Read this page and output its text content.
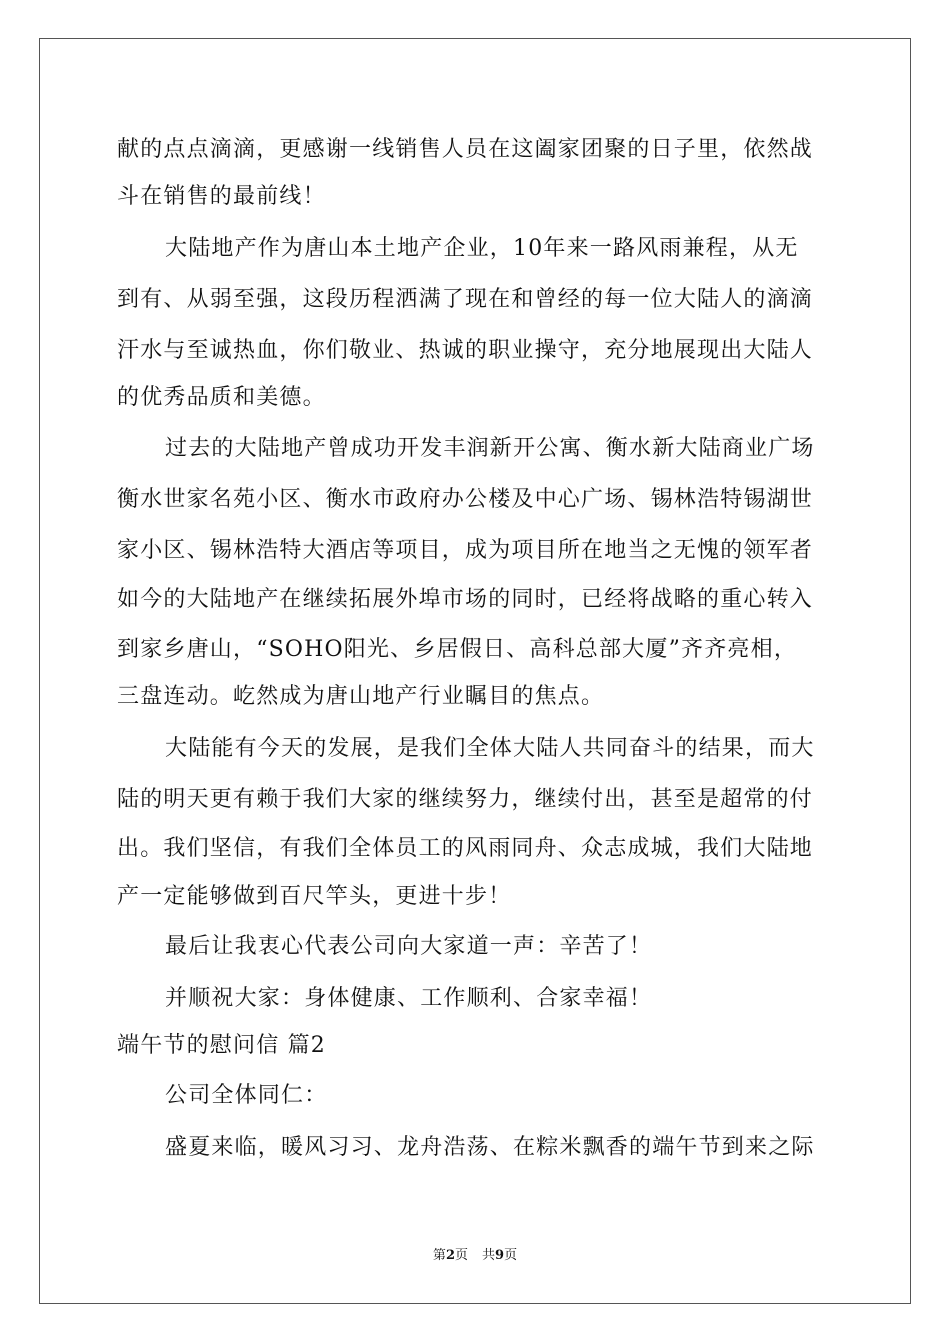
献的点点滴滴，更感谢一线销售人员在这阖家团聚的日子里，依然战

斗在销售的最前线！

大陆地产作为唐山本土地产企业，10年来一路风雨兼程，从无

到有、从弱至强，这段历程洒满了现在和曾经的每一位大陆人的滴滴

汗水与至诚热血，你们敬业、热诚的职业操守，充分地展现出大陆人

的优秀品质和美德。

过去的大陆地产曾成功开发丰润新开公寓、衡水新大陆商业广场

衡水世家名苑小区、衡水市政府办公楼及中心广场、锡林浩特锡湖世

家小区、锡林浩特大酒店等项目，成为项目所在地当之无愧的领军者

如今的大陆地产在继续拓展外埠市场的同时，已经将战略的重心转入

到家乡唐山，“SOHO阳光、乡居假日、高科总部大厦”齐齐亮相，

三盘连动。屹然成为唐山地产行业瞩目的焦点。

大陆能有今天的发展，是我们全体大陆人共同奋斗的结果，而大

陆的明天更有赖于我们大家的继续努力，继续付出，甚至是超常的付

出。我们坚信，有我们全体员工的风雨同舟、众志成城，我们大陆地

产一定能够做到百尺竿头，更进十步！

最后让我衷心代表公司向大家道一声：辛苦了！

并顺祝大家：身体健康、工作顺利、合家幸福！

端午节的慰问信 篇2

公司全体同仁：

盛夏来临，暖风习习、龙舟浩荡、在粽米飘香的端午节到来之际

第2页 共9页
